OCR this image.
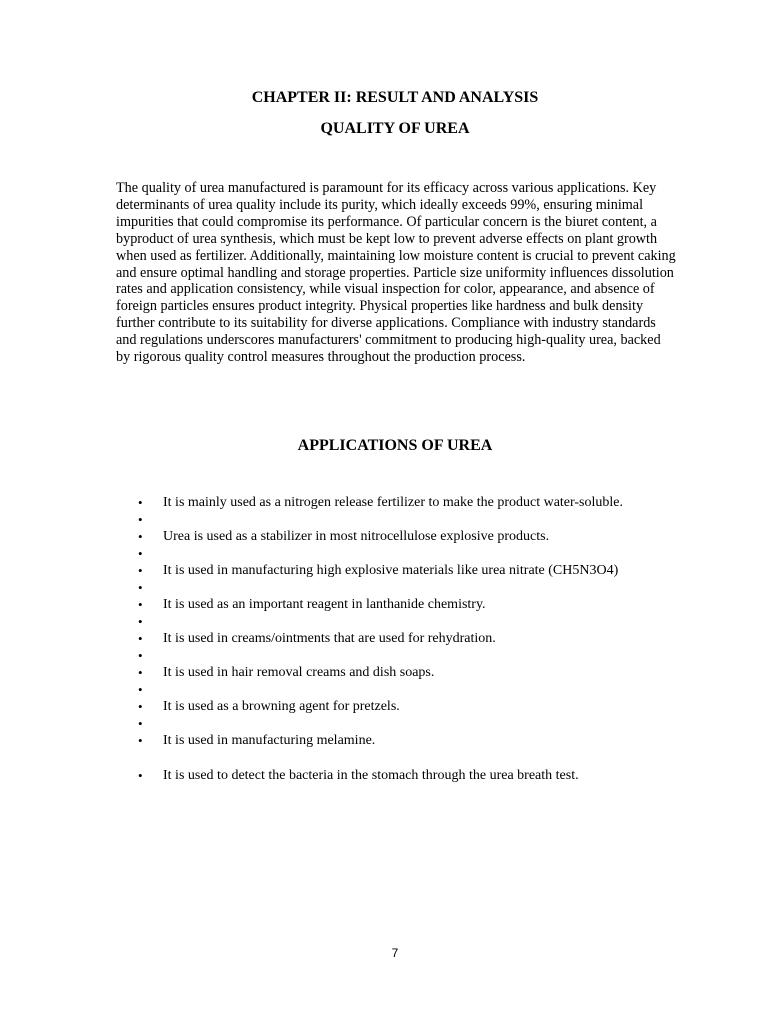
CHAPTER II: RESULT AND ANALYSIS
QUALITY OF UREA

The quality of urea manufactured is paramount for its efficacy across various applications. Key determinants of urea quality include its purity, which ideally exceeds 99%, ensuring minimal impurities that could compromise its performance. Of particular concern is the biuret content, a byproduct of urea synthesis, which must be kept low to prevent adverse effects on plant growth when used as fertilizer. Additionally, maintaining low moisture content is crucial to prevent caking and ensure optimal handling and storage properties. Particle size uniformity influences dissolution rates and application consistency, while visual inspection for color, appearance, and absence of foreign particles ensures product integrity. Physical properties like hardness and bulk density further contribute to its suitability for diverse applications. Compliance with industry standards and regulations underscores manufacturers' commitment to producing high-quality urea, backed by rigorous quality control measures throughout the production process.

APPLICATIONS OF UREA
• It is mainly used as a nitrogen release fertilizer to make the product water-soluble.
•
• Urea is used as a stabilizer in most nitrocellulose explosive products.
•
• It is used in manufacturing high explosive materials like urea nitrate (CH5N3O4)
•
• It is used as an important reagent in lanthanide chemistry.
•
• It is used in creams/ointments that are used for rehydration.
•
• It is used in hair removal creams and dish soaps.
•
• It is used as a browning agent for pretzels.
•
• It is used in manufacturing melamine.
• It is used to detect the bacteria in the stomach through the urea breath test.

7
